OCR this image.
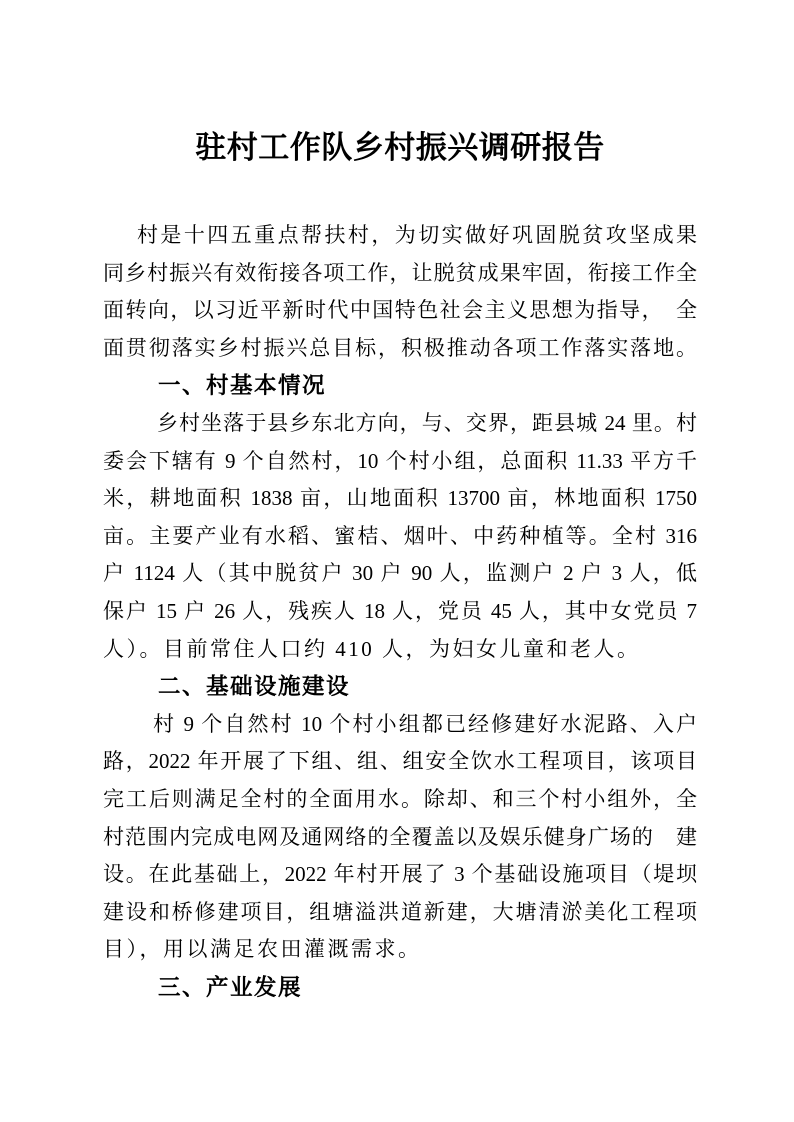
驻村工作队乡村振兴调研报告
村是十四五重点帮扶村，为切实做好巩固脱贫攻坚成果
同乡村振兴有效衔接各项工作，让脱贫成果牢固，衔接工作全
面转向，以习近平新时代中国特色社会主义思想为指导，　全
面贯彻落实乡村振兴总目标，积极推动各项工作落实落地。
一、村基本情况
乡村坐落于县乡东北方向，与、交界，距县城 24 里。村
委会下辖有 9 个自然村，10 个村小组，总面积 11.33 平方千
米，耕地面积 1838 亩，山地面积 13700 亩，林地面积 1750
亩。主要产业有水稻、蜜桔、烟叶、中药种植等。全村 316
户 1124 人（其中脱贫户 30 户 90 人，监测户 2 户 3 人，低
保户 15 户 26 人，残疾人 18 人，党员 45 人，其中女党员 7
人）。目前常住人口约 410 人，为妇女儿童和老人。
二、基础设施建设
村 9 个自然村 10 个村小组都已经修建好水泥路、入户
路，2022 年开展了下组、组、组安全饮水工程项目，该项目
完工后则满足全村的全面用水。除却、和三个村小组外，全
村范围内完成电网及通网络的全覆盖以及娱乐健身广场的　建
设。在此基础上，2022 年村开展了 3 个基础设施项目（堤坝
建设和桥修建项目，组塘溢洪道新建，大塘清淤美化工程项
目），用以满足农田灌溉需求。
三、产业发展
